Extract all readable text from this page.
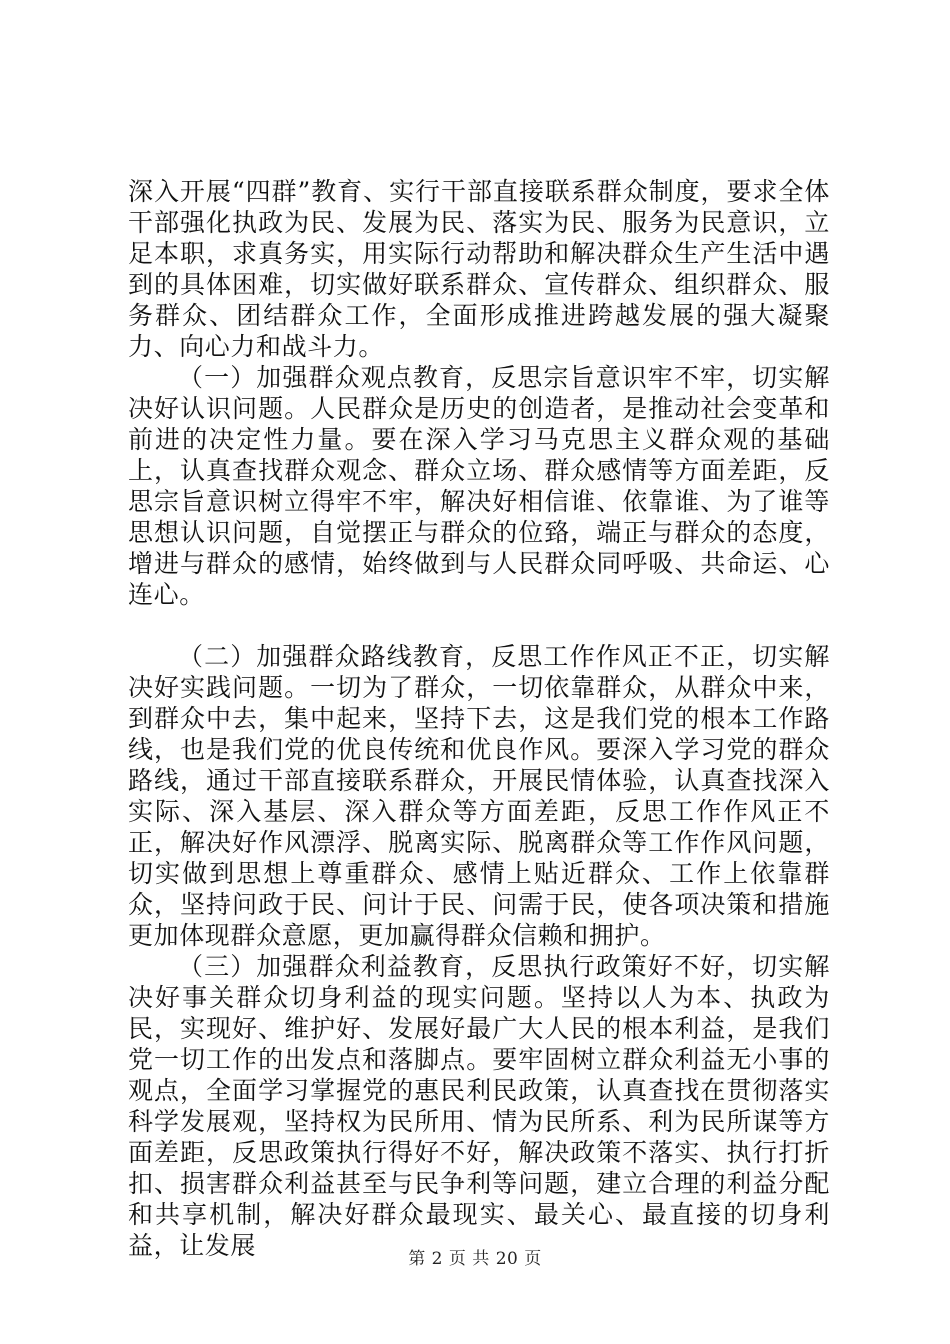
深入开展“四群”教育、实行干部直接联系群众制度，要求全体干部强化执政为民、发展为民、落实为民、服务为民意识，立足本职，求真务实，用实际行动帮助和解决群众生产生活中遇到的具体困难，切实做好联系群众、宣传群众、组织群众、服务群众、团结群众工作，全面形成推进跨越发展的强大凝聚力、向心力和战斗力。

（一）加强群众观点教育，反思宗旨意识牢不牢，切实解决好认识问题。人民群众是历史的创造者，是推动社会变革和前进的决定性力量。要在深入学习马克思主义群众观的基础上，认真查找群众观念、群众立场、群众感情等方面差距，反思宗旨意识树立得牢不牢，解决好相信谁、依靠谁、为了谁等思想认识问题，自觉摆正与群众的位臵，端正与群众的态度，增进与群众的感情，始终做到与人民群众同呼吸、共命运、心连心。

（二）加强群众路线教育，反思工作作风正不正，切实解决好实践问题。一切为了群众，一切依靠群众，从群众中来，到群众中去，集中起来，坚持下去，这是我们党的根本工作路线，也是我们党的优良传统和优良作风。要深入学习党的群众路线，通过干部直接联系群众，开展民情体验，认真查找深入实际、深入基层、深入群众等方面差距，反思工作作风正不正，解决好作风漂浮、脱离实际、脱离群众等工作作风问题，切实做到思想上尊重群众、感情上贴近群众、工作上依靠群众，坚持问政于民、问计于民、问需于民，使各项决策和措施更加体现群众意愿，更加赢得群众信赖和拥护。

（三）加强群众利益教育，反思执行政策好不好，切实解决好事关群众切身利益的现实问题。坚持以人为本、执政为民，实现好、维护好、发展好最广大人民的根本利益，是我们党一切工作的出发点和落脚点。要牢固树立群众利益无小事的观点，全面学习掌握党的惠民利民政策，认真查找在贯彻落实科学发展观，坚持权为民所用、情为民所系、利为民所谋等方面差距，反思政策执行得好不好，解决政策不落实、执行打折扣、损害群众利益甚至与民争利等问题，建立合理的利益分配和共享机制，解决好群众最现实、最关心、最直接的切身利益，让发展	第 2 页 共 20 页
